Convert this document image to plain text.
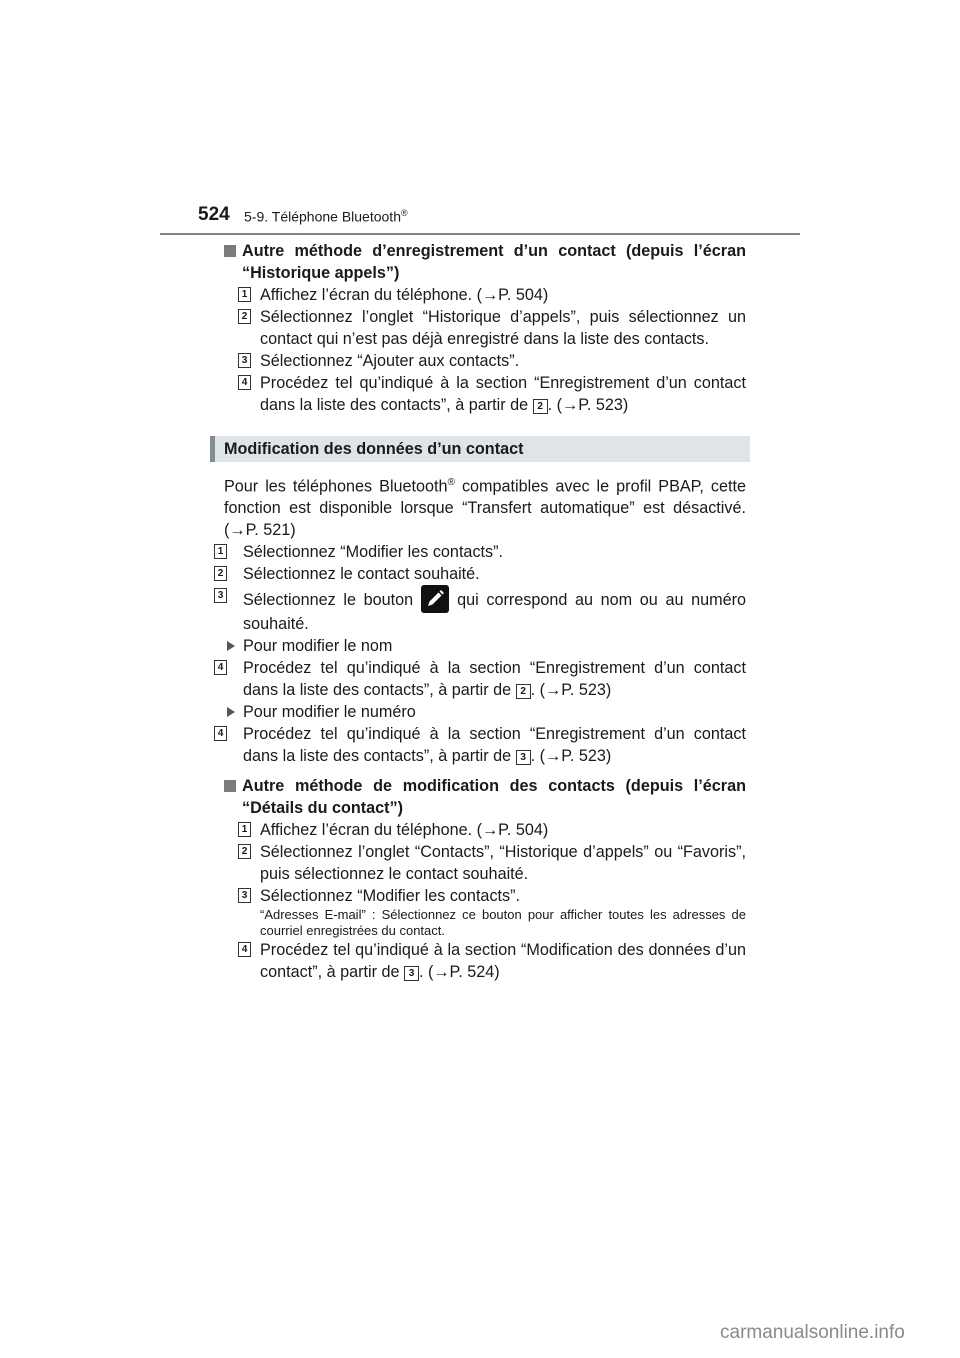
524 5-9. Téléphone Bluetooth®

Autre méthode d’enregistrement d’un contact (depuis l’écran “Historique appels”)

1 Affichez l’écran du téléphone. (→P. 504)

2 Sélectionnez l’onglet “Historique d’appels”, puis sélectionnez un contact qui n’est pas déjà enregistré dans la liste des contacts.

3 Sélectionnez “Ajouter aux contacts”.

4 Procédez tel qu’indiqué à la section “Enregistrement d’un contact dans la liste des contacts”, à partir de 2 . (→P. 523)

Modification des données d’un contact

Pour les téléphones Bluetooth® compatibles avec le profil PBAP, cette fonction est disponible lorsque “Transfert automatique” est désactivé. (→P. 521)

1 Sélectionnez “Modifier les contacts”.

2 Sélectionnez le contact souhaité.

3 Sélectionnez le bouton	qui correspond au nom ou au numéro souhaité.

Pour modifier le nom

4 Procédez tel qu’indiqué à la section “Enregistrement d’un contact dans la liste des contacts”, à partir de 2 . (→P. 523)

Pour modifier le numéro

4 Procédez tel qu’indiqué à la section “Enregistrement d’un contact dans la liste des contacts”, à partir de 3 . (→P. 523)

Autre méthode de modification des contacts (depuis l’écran “Détails du contact”)

1 Affichez l’écran du téléphone. (→P. 504)

2 Sélectionnez l’onglet “Contacts”, “Historique d’appels” ou “Favoris”, puis sélectionnez le contact souhaité.

3 Sélectionnez “Modifier les contacts”.

“Adresses E-mail” : Sélectionnez ce bouton pour afficher toutes les adresses de courriel enregistrées du contact.

4 Procédez tel qu’indiqué à la section “Modification des données d’un contact”, à partir de 3 . (→P. 524)

carmanualsonline.info
